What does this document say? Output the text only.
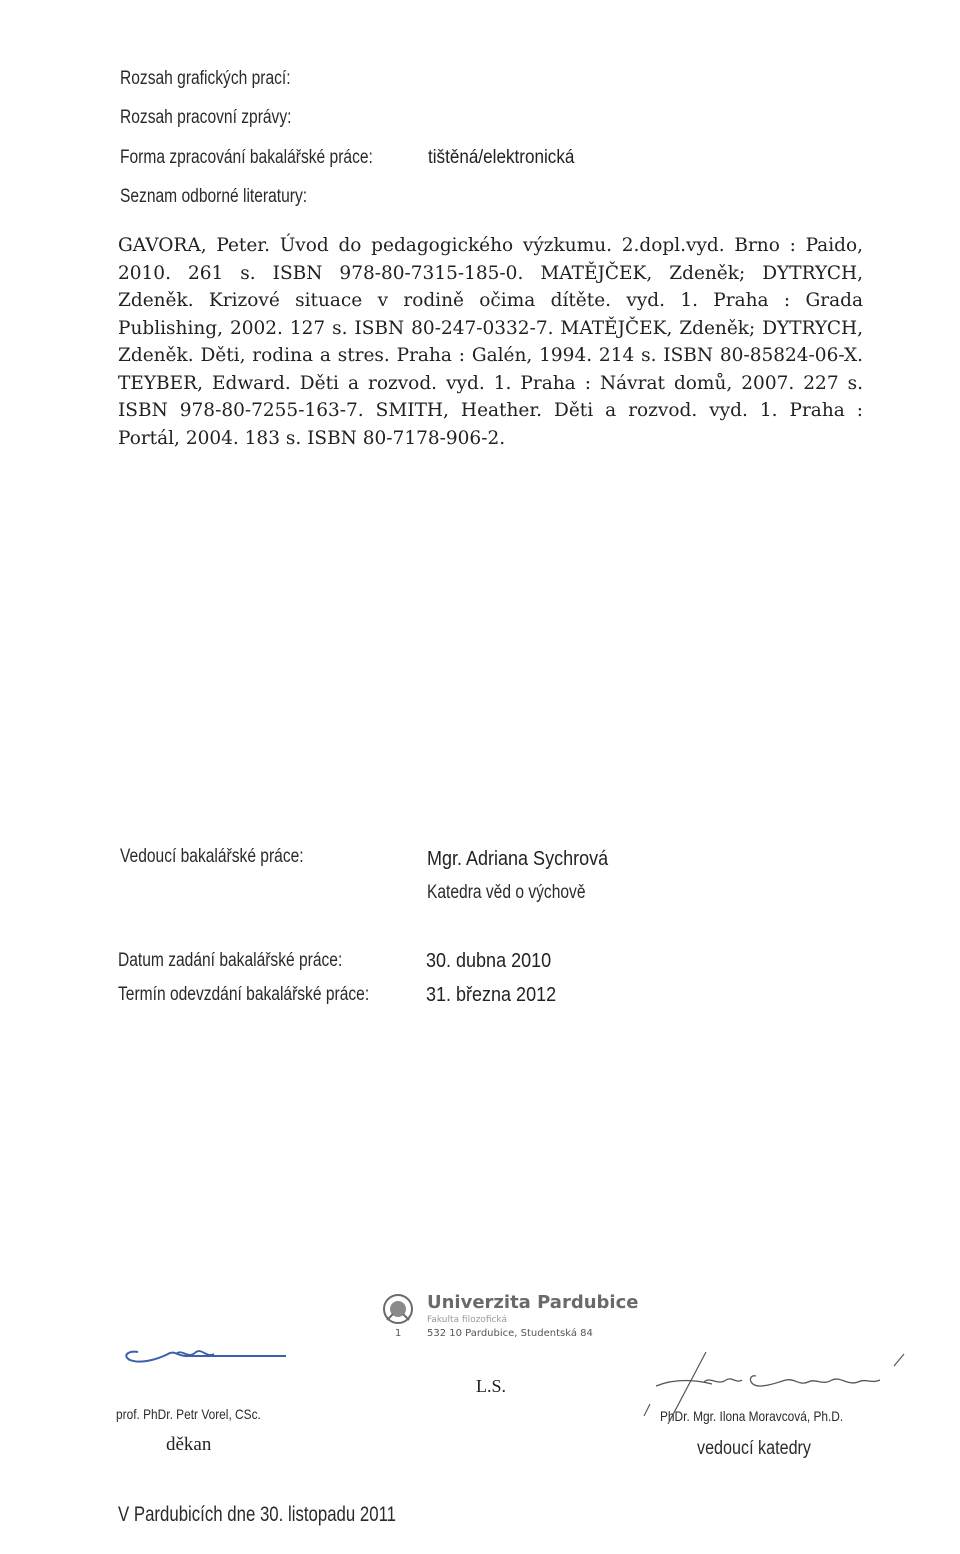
Rozsah grafických prací:
Rozsah pracovní zprávy:
Forma zpracování bakalářské práce:	tištěná/elektronická
Seznam odborné literatury:

GAVORA, Peter. Úvod do pedagogického výzkumu. 2.dopl.vyd. Brno : Paido, 2010. 261 s. ISBN 978-80-7315-185-0. MATĚJČEK, Zdeněk; DYTRYCH, Zdeněk. Krizové situace v rodině očima dítěte. vyd. 1. Praha : Grada Publishing, 2002. 127 s. ISBN 80-247-0332-7. MATĚJČEK, Zdeněk; DYTRYCH, Zdeněk. Děti, rodina a stres. Praha : Galén, 1994. 214 s. ISBN 80-85824-06-X. TEYBER, Edward. Děti a rozvod. vyd. 1. Praha : Návrat domů, 2007. 227 s. ISBN 978-80-7255-163-7. SMITH, Heather. Děti a rozvod. vyd. 1. Praha : Portál, 2004. 183 s. ISBN 80-7178-906-2.

Vedoucí bakalářské práce:	Mgr. Adriana Sychrová
Katedra věd o výchově
Datum zadání bakalářské práce:	30. dubna 2010
Termín odevzdání bakalářské práce:	31. března 2012
Univerzita Pardubice
Fakulta filozofická
532 10 Pardubice, Studentská 84
1
L.S.
prof. PhDr. Petr Vorel, CSc.
děkan
PhDr. Mgr. Ilona Moravcová, Ph.D.
vedoucí katedry
V Pardubicích dne 30. listopadu 2011
